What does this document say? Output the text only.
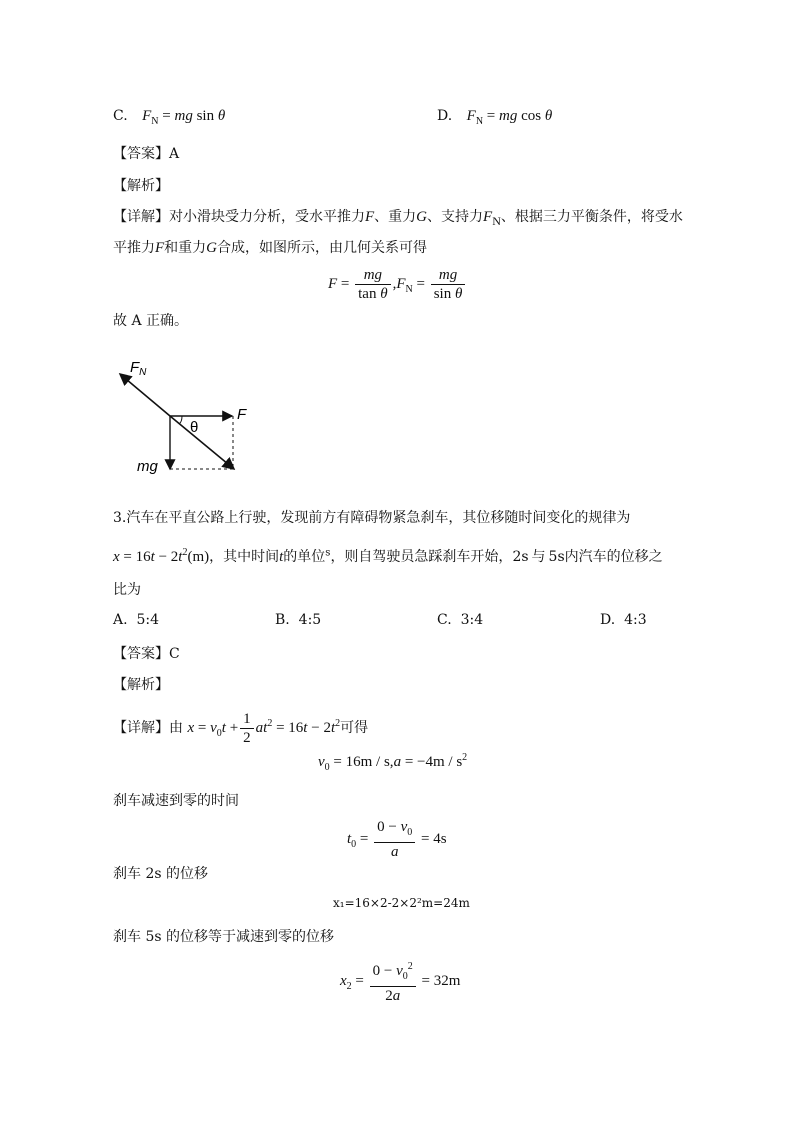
C. $F_N$ = mg sin θ	D. $F_N$ = mg cos θ
【答案】A
【解析】
【详解】对小滑块受力分析，受水平推力F、重力G、支持力$F_N$、根据三力平衡条件，将受水
平推力F和重力G合成，如图所示，由几何关系可得
$F = \frac{mg}{\text{tan θ}} ,F_N = \frac{mg}{\text{sin θ}}$
故 A 正确。
$F_N$
F
θ
mg
3.汽车在平直公路上行驶，发现前方有障碍物紧急刹车，其位移随时间变化的规律为
$x = 16t - 2t^2(m)$，其中时间t的单位$^s$，则自驾驶员急踩刹车开始，2s 与 5s内汽车的位移之
比为
A. 5:4	B. 4:5	C. 3:4	D. 4:3
【答案】C
【解析】
【详解】由 $x = v_0t + \frac{1}{2} at^2 = 16t - 2t^2$可得
$v_0 = 16m / s,a = -4m / s^2$
刹车减速到零的时间
$t_0 = \frac{0 - v_0}{a} = 4s$
刹车 2s 的位移
x₁=16×2-2×2²m=24m
刹车 5s 的位移等于减速到零的位移
$x_2 = \frac{0 - v_0^2}{2a} = 32m$
